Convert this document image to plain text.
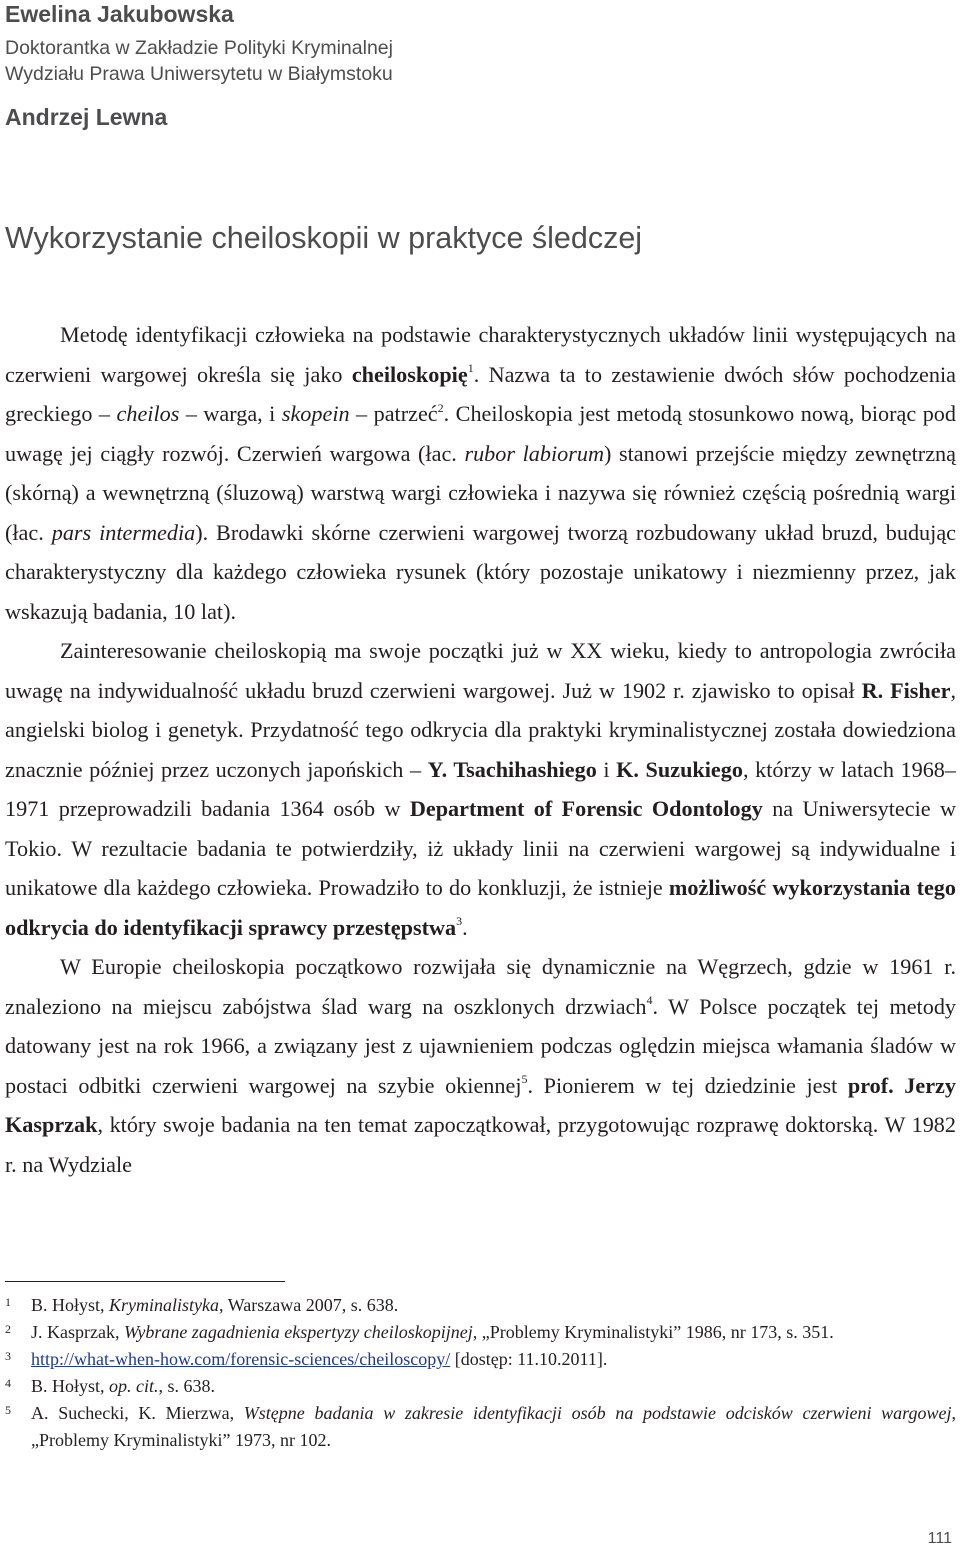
Ewelina Jakubowska
Doktorantka w Zakładzie Polityki Kryminalnej
Wydziału Prawa Uniwersytetu w Białymstoku
Andrzej Lewna
Wykorzystanie cheiloskopii w praktyce śledczej

Metodę identyfikacji człowieka na podstawie charakterystycznych układów linii występujących na czerwieni wargowej określa się jako cheiloskopię$^1$. Nazwa ta to zestawienie dwóch słów pochodzenia greckiego – cheilos – warga, i skopein – patrzeć$^2$. Cheiloskopia jest metodą stosunkowo nową, biorąc pod uwagę jej ciągły rozwój. Czerwień wargowa (łac. rubor labiorum) stanowi przejście między zewnętrzną (skórną) a wewnętrzną (śluzową) warstwą wargi człowieka i nazywa się również częścią pośrednią wargi (łac. pars intermedia). Brodawki skórne czerwieni wargowej tworzą rozbudowany układ bruzd, budując charakterystyczny dla każdego człowieka rysunek (który pozostaje unikatowy i niezmienny przez, jak wskazują badania, 10 lat).

Zainteresowanie cheiloskopią ma swoje początki już w XX wieku, kiedy to antropologia zwróciła uwagę na indywidualność układu bruzd czerwieni wargowej. Już w 1902 r. zjawisko to opisał R. Fisher, angielski biolog i genetyk. Przydatność tego odkrycia dla praktyki kryminalistycznej została dowiedziona znacznie później przez uczonych japońskich – Y. Tsachihashiego i K. Suzukiego, którzy w latach 1968–1971 przeprowadzili badania 1364 osób w Department of Forensic Odontology na Uniwersytecie w Tokio. W rezultacie badania te potwierdziły, iż układy linii na czerwieni wargowej są indywidualne i unikatowe dla każdego człowieka. Prowadziło to do konkluzji, że istnieje możliwość wykorzystania tego odkrycia do identyfikacji sprawcy przestępstwa$^3$.

W Europie cheiloskopia początkowo rozwijała się dynamicznie na Węgrzech, gdzie w 1961 r. znaleziono na miejscu zabójstwa ślad warg na oszklonych drzwiach$^4$. W Polsce początek tej metody datowany jest na rok 1966, a związany jest z ujawnieniem podczas oględzin miejsca włamania śladów w postaci odbitki czerwieni wargowej na szybie okiennej$^5$. Pionierem w tej dziedzinie jest prof. Jerzy Kasprzak, który swoje badania na ten temat zapoczątkował, przygotowując rozprawę doktorską. W 1982 r. na Wydziale

1 B. Hołyst, Kryminalistyka, Warszawa 2007, s. 638.
2 J. Kasprzak, Wybrane zagadnienia ekspertyzy cheiloskopijnej, „Problemy Kryminalistyki” 1986, nr 173, s. 351.
3 http://what-when-how.com/forensic-sciences/cheiloscopy/ [dostęp: 11.10.2011].
4 B. Hołyst, op. cit., s. 638.
5 A. Suchecki, K. Mierzwa, Wstępne badania w zakresie identyfikacji osób na podstawie odcisków czerwieni wargowej, „Problemy Kryminalistyki” 1973, nr 102.
111
